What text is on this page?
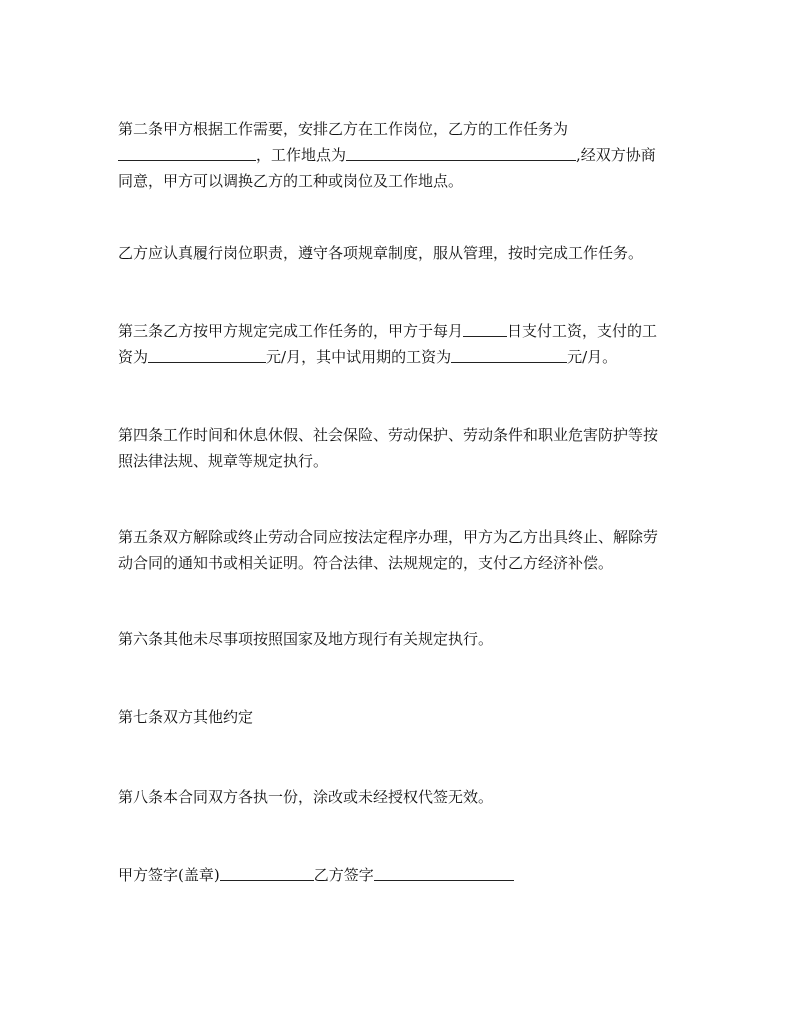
第二条甲方根据工作需要，安排乙方在工作岗位，乙方的工作任务为
，工作地点为	,经双方协商
同意，甲方可以调换乙方的工种或岗位及工作地点。
乙方应认真履行岗位职责，遵守各项规章制度，服从管理，按时完成工作任务。
第三条乙方按甲方规定完成工作任务的，甲方于每月	日支付工资，支付的工
资为	元/月，其中试用期的工资为	元/月。
第四条工作时间和休息休假、社会保险、劳动保护、劳动条件和职业危害防护等按
照法律法规、规章等规定执行。
第五条双方解除或终止劳动合同应按法定程序办理，甲方为乙方出具终止、解除劳
动合同的通知书或相关证明。符合法律、法规规定的，支付乙方经济补偿。
第六条其他未尽事项按照国家及地方现行有关规定执行。
第七条双方其他约定
第八条本合同双方各执一份，涂改或未经授权代签无效。
甲方签字(盖章)	乙方签字
